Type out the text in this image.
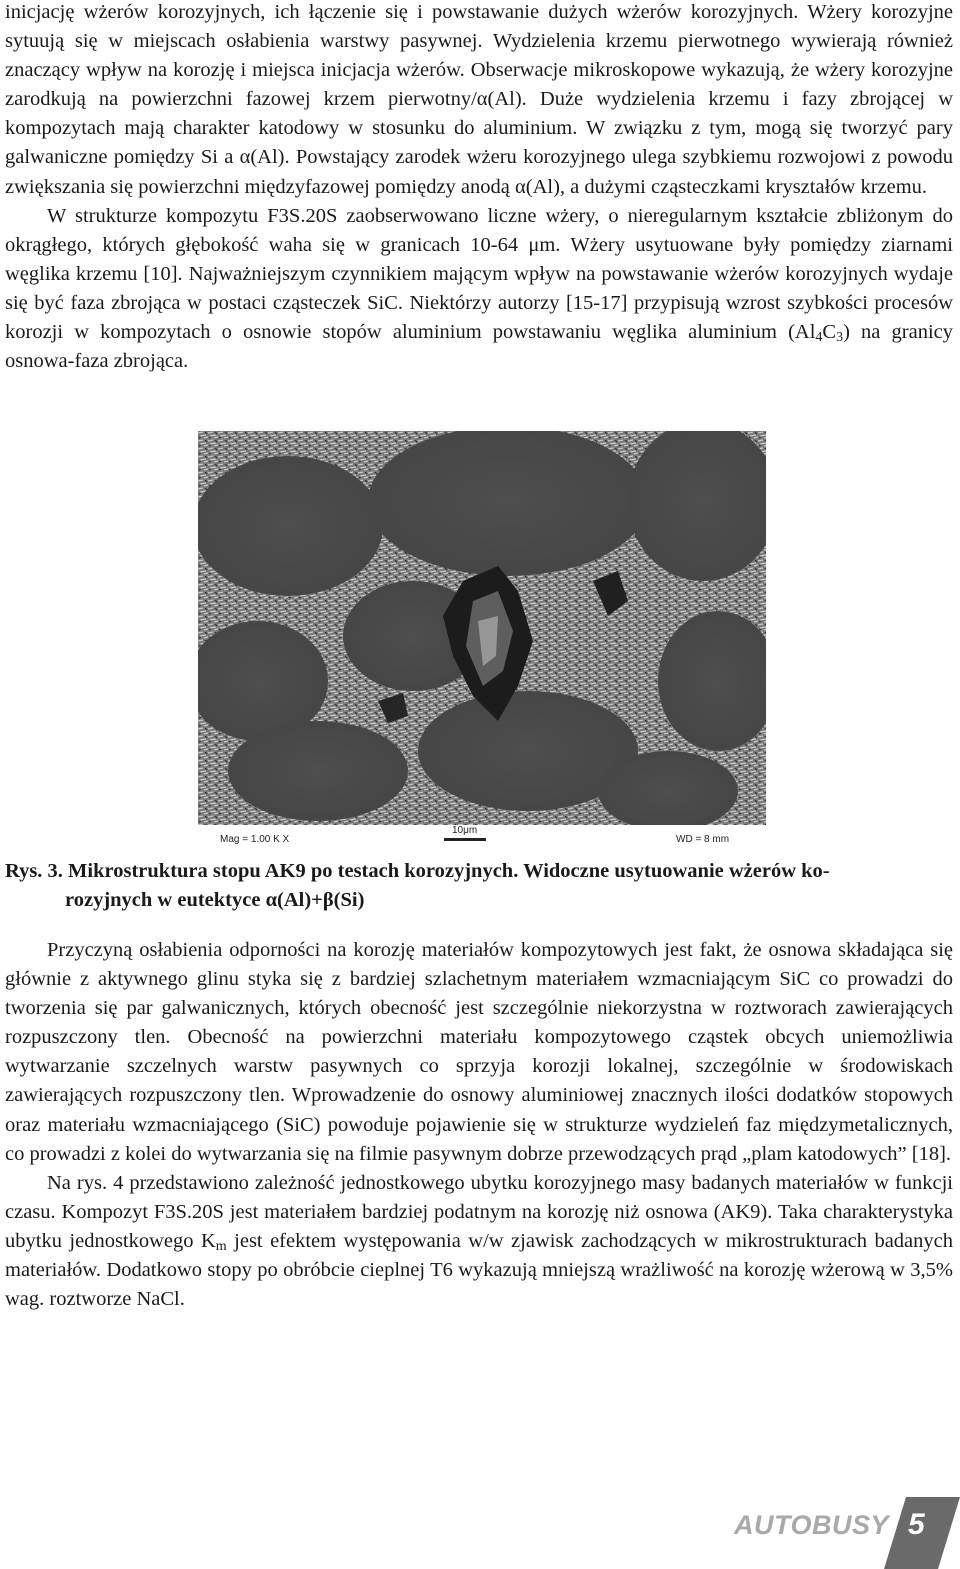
inicjację wżerów korozyjnych, ich łączenie się i powstawanie dużych wżerów korozyjnych. Wżery korozyjne sytuują się w miejscach osłabienia warstwy pasywnej. Wydzielenia krzemu pierwotnego wywierają również znaczący wpływ na korozję i miejsca inicjacja wżerów. Obserwacje mikroskopowe wykazują, że wżery korozyjne zarodkują na powierzchni fazowej krzem pierwotny/α(Al). Duże wydzielenia krzemu i fazy zbrojącej w kompozytach mają charakter katodowy w stosunku do aluminium. W związku z tym, mogą się tworzyć pary galwaniczne pomiędzy Si a α(Al). Powstający zarodek wżeru korozyjnego ulega szybkiemu rozwojowi z powodu zwiększania się powierzchni międzyfazowej pomiędzy anodą α(Al), a dużymi cząsteczkami kryształów krzemu.

W strukturze kompozytu F3S.20S zaobserwowano liczne wżery, o nieregularnym kształcie zbliżonym do okrągłego, których głębokość waha się w granicach 10-64 μm. Wżery usytuowane były pomiędzy ziarnami węglika krzemu [10]. Najważniejszym czynnikiem mającym wpływ na powstawanie wżerów korozyjnych wydaje się być faza zbrojąca w postaci cząsteczek SiC. Niektórzy autorzy [15-17] przypisują wzrost szybkości procesów korozji w kompozytach o osnowie stopów aluminium powstawaniu węglika aluminium $(Al_4C_3)$ na granicy osnowa-faza zbrojąca.

Mag = 1.00 K X
10μm
WD = 8 mm
Rys. 3. Mikrostruktura stopu AK9 po testach korozyjnych. Widoczne usytuowanie wżerów ko-
rozyjnych w eutektyce α(Al)+β(Si)

Przyczyną osłabienia odporności na korozję materiałów kompozytowych jest fakt, że osnowa składająca się głównie z aktywnego glinu styka się z bardziej szlachetnym materiałem wzmacniającym SiC co prowadzi do tworzenia się par galwanicznych, których obecność jest szczególnie niekorzystna w roztworach zawierających rozpuszczony tlen. Obecność na powierzchni materiału kompozytowego cząstek obcych uniemożliwia wytwarzanie szczelnych warstw pasywnych co sprzyja korozji lokalnej, szczególnie w środowiskach zawierających rozpuszczony tlen. Wprowadzenie do osnowy aluminiowej znacznych ilości dodatków stopowych oraz materiału wzmacniającego (SiC) powoduje pojawienie się w strukturze wydzieleń faz międzymetalicznych, co prowadzi z kolei do wytwarzania się na filmie pasywnym dobrze przewodzących prąd „plam katodowych” [18].

Na rys. 4 przedstawiono zależność jednostkowego ubytku korozyjnego masy badanych materiałów w funkcji czasu. Kompozyt F3S.20S jest materiałem bardziej podatnym na korozję niż osnowa (AK9). Taka charakterystyka ubytku jednostkowego $K_m$ jest efektem występowania w/w zjawisk zachodzących w mikrostrukturach badanych materiałów. Dodatkowo stopy po obróbcie cieplnej T6 wykazują mniejszą wrażliwość na korozję wżerową w 3,5% wag. roztworze NaCl.

AUTOBUSY 5
